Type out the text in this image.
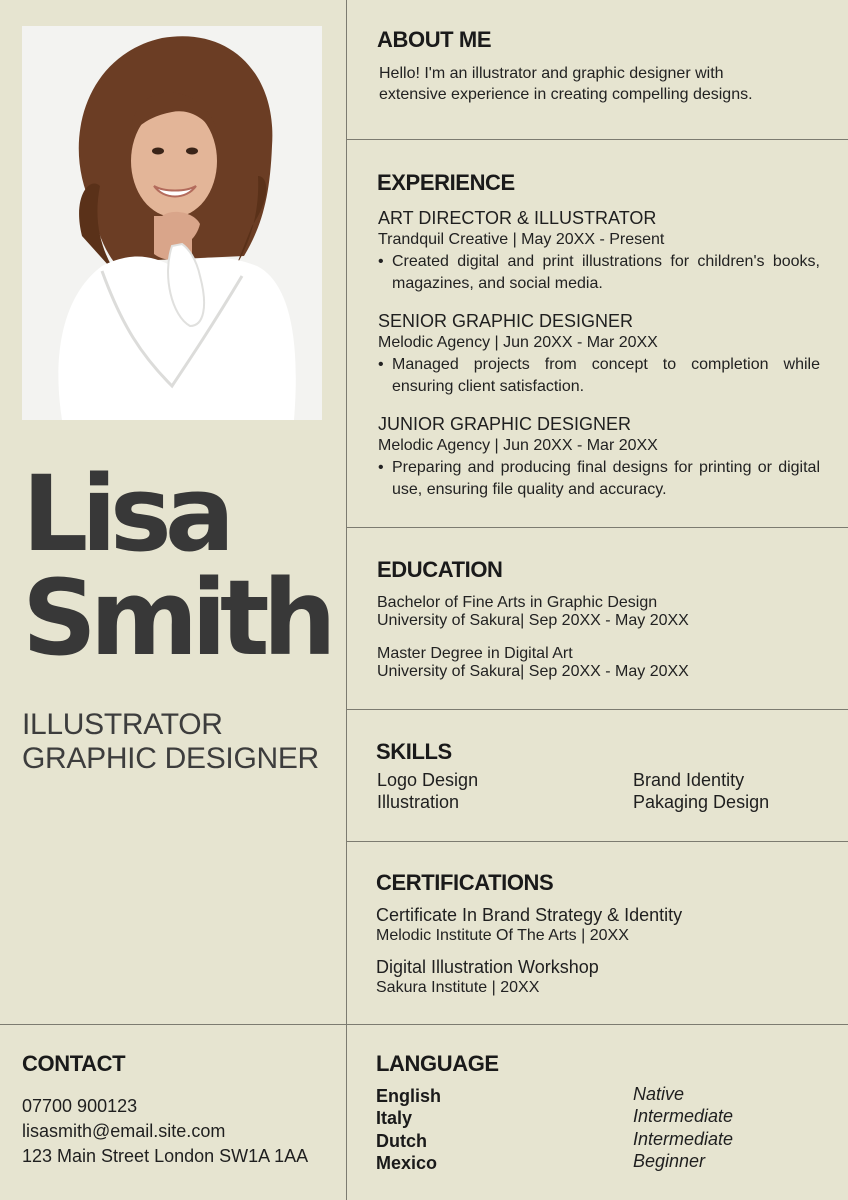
Lisa
Smith
ILLUSTRATOR
GRAPHIC DESIGNER
ABOUT ME
Hello! I'm an illustrator and graphic designer with
extensive experience in creating compelling designs.
EXPERIENCE
ART DIRECTOR & ILLUSTRATOR
Trandquil Creative | May 20XX - Present
• Created digital and print illustrations for children's books, magazines, and social media.
SENIOR GRAPHIC DESIGNER
Melodic Agency | Jun 20XX - Mar 20XX
• Managed projects from concept to completion while ensuring client satisfaction.
JUNIOR GRAPHIC DESIGNER
Melodic Agency | Jun 20XX - Mar 20XX
• Preparing and producing final designs for printing or digital use, ensuring file quality and accuracy.
EDUCATION
Bachelor of Fine Arts in Graphic Design
University of Sakura| Sep 20XX - May 20XX
Master Degree in Digital Art
University of Sakura| Sep 20XX - May 20XX
SKILLS
Logo Design	Brand Identity
Illustration	Pakaging Design
CERTIFICATIONS
Certificate In Brand Strategy & Identity
Melodic Institute Of The Arts | 20XX
Digital Illustration Workshop
Sakura Institute | 20XX
CONTACT
07700 900123
lisasmith@email.site.com
123 Main Street London SW1A 1AA
LANGUAGE
English	Native
Italy	Intermediate
Dutch	Intermediate
Mexico	Beginner
